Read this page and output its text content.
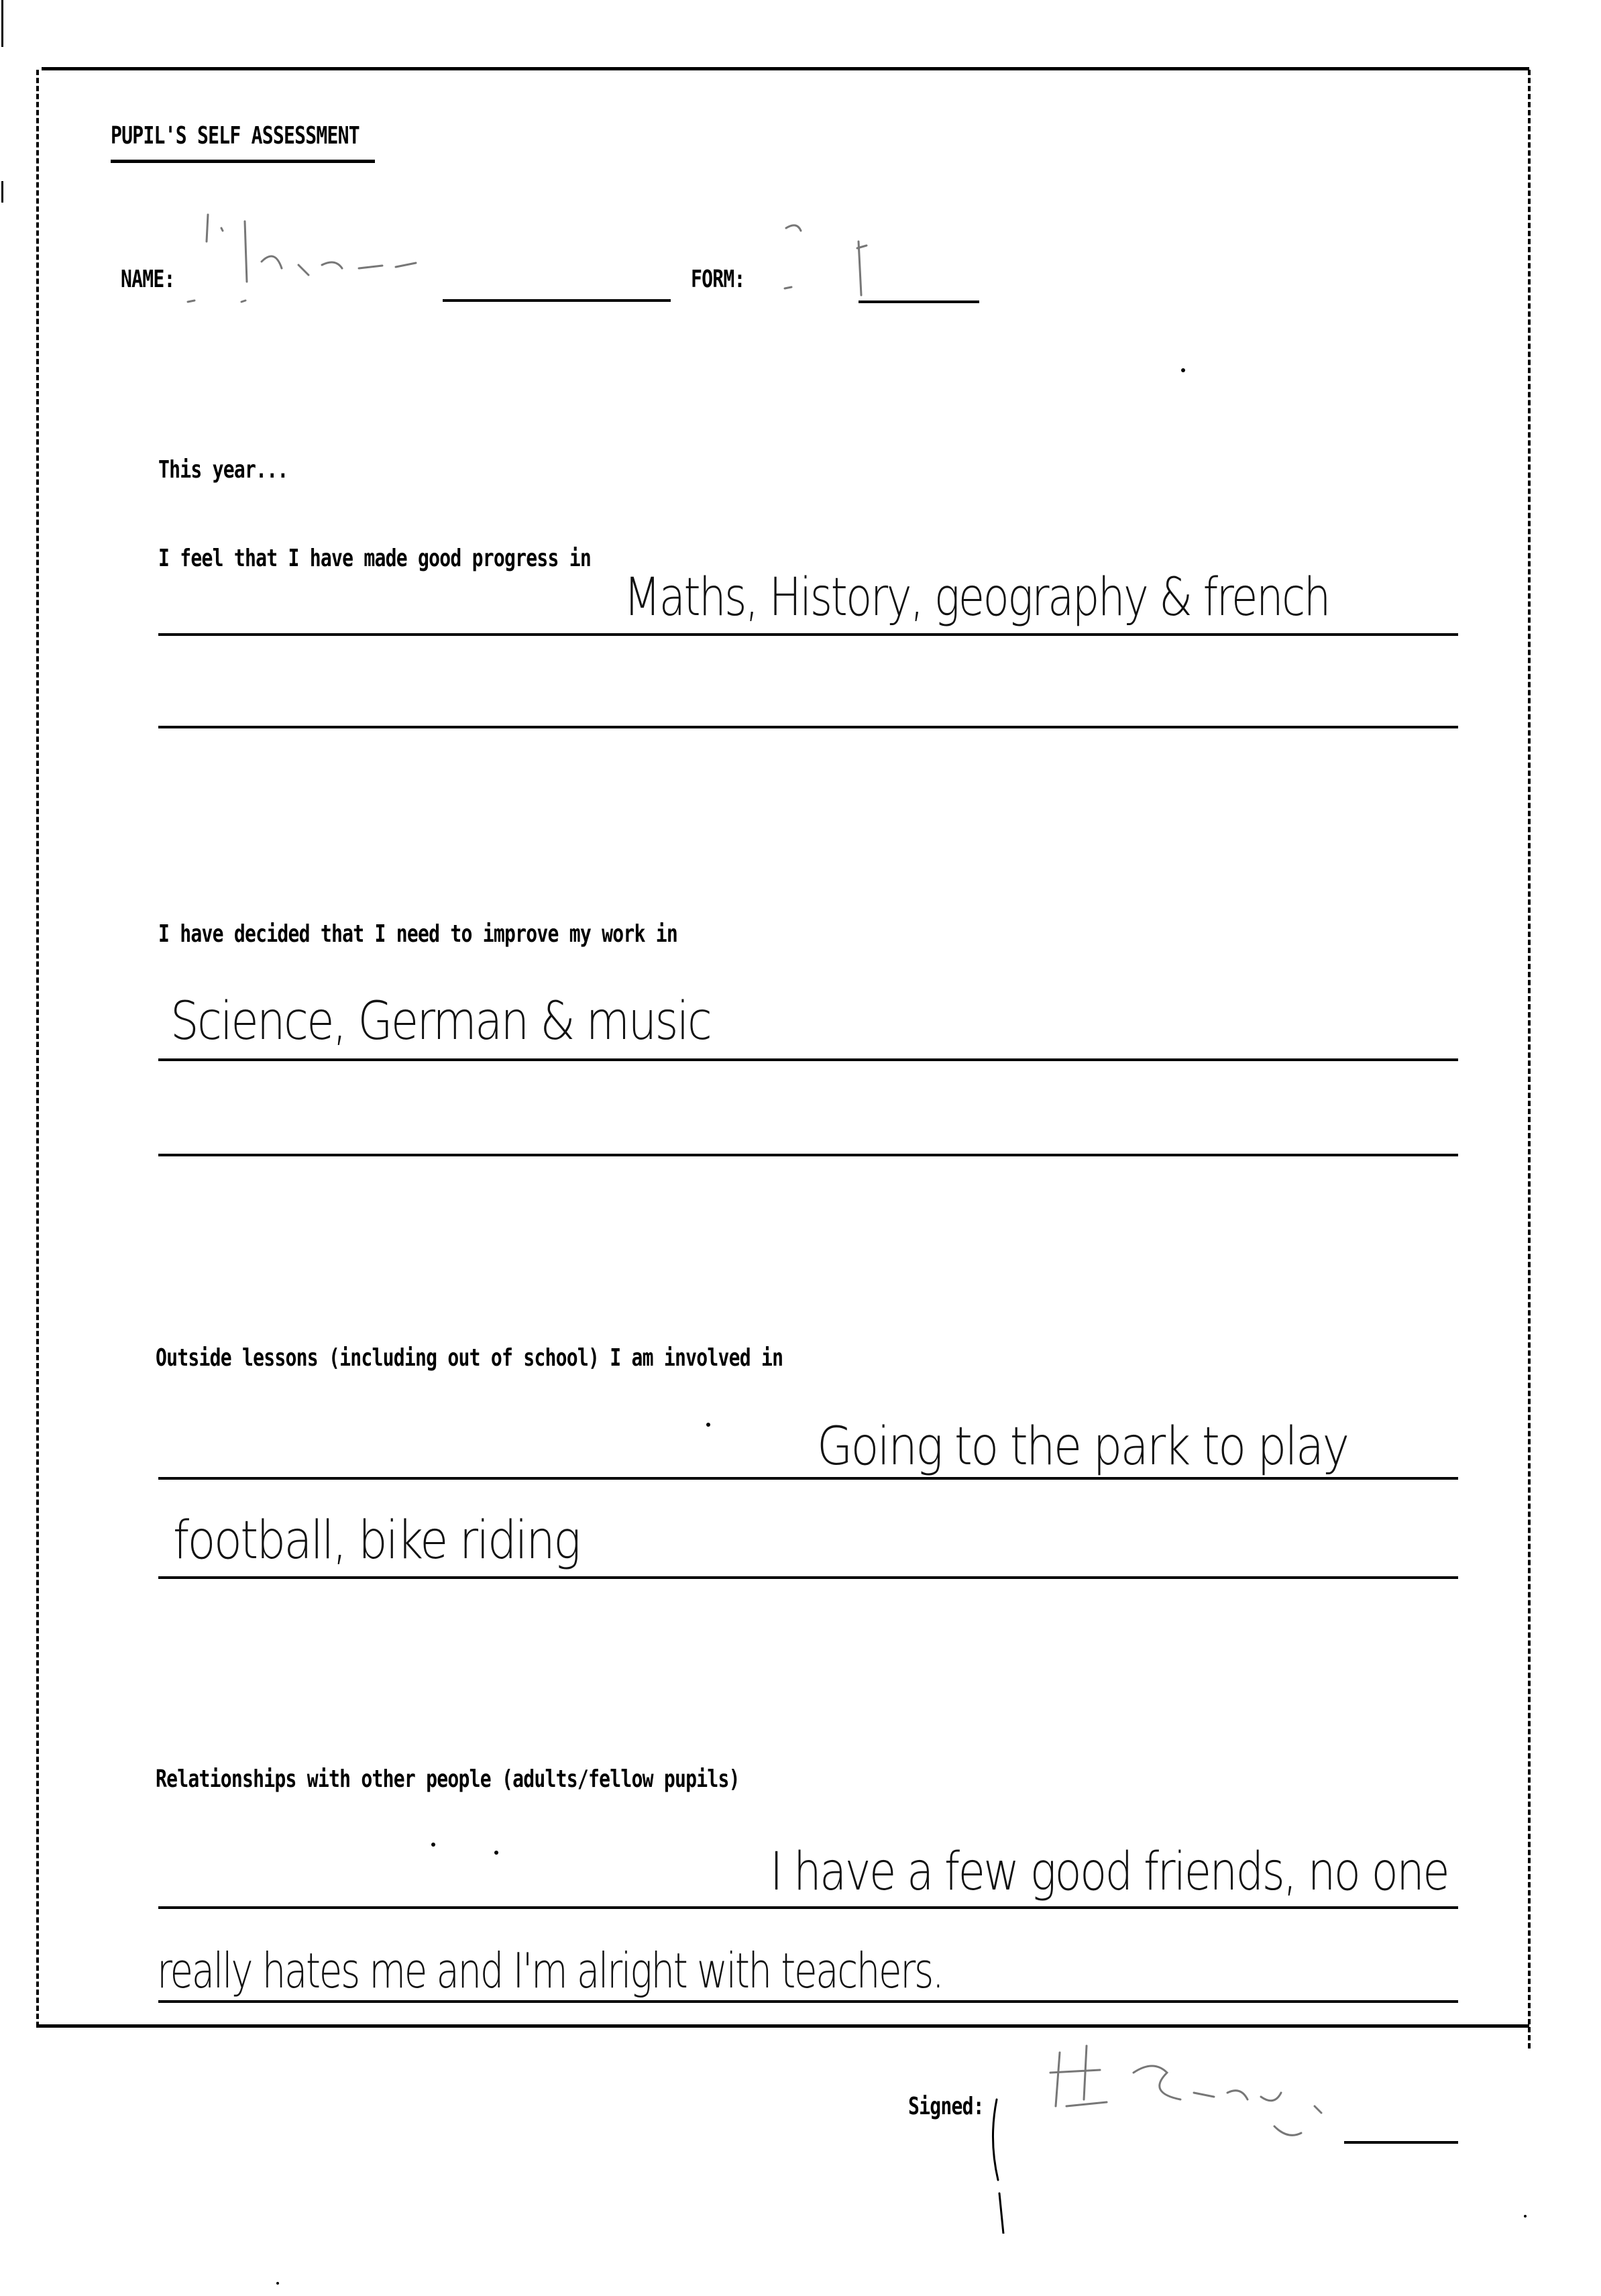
PUPIL'S SELF ASSESSMENT
NAME:	FORM:
This year...
I feel that I have made good progress in
Maths, History, geography & french
I have decided that I need to improve my work in
Science, German & music
Outside lessons (including out of school) I am involved in
Going to the park to play
football, bike riding
Relationships with other people (adults/fellow pupils)
I have a few good friends, no one
really hates me and I'm alright with teachers.
Signed:
